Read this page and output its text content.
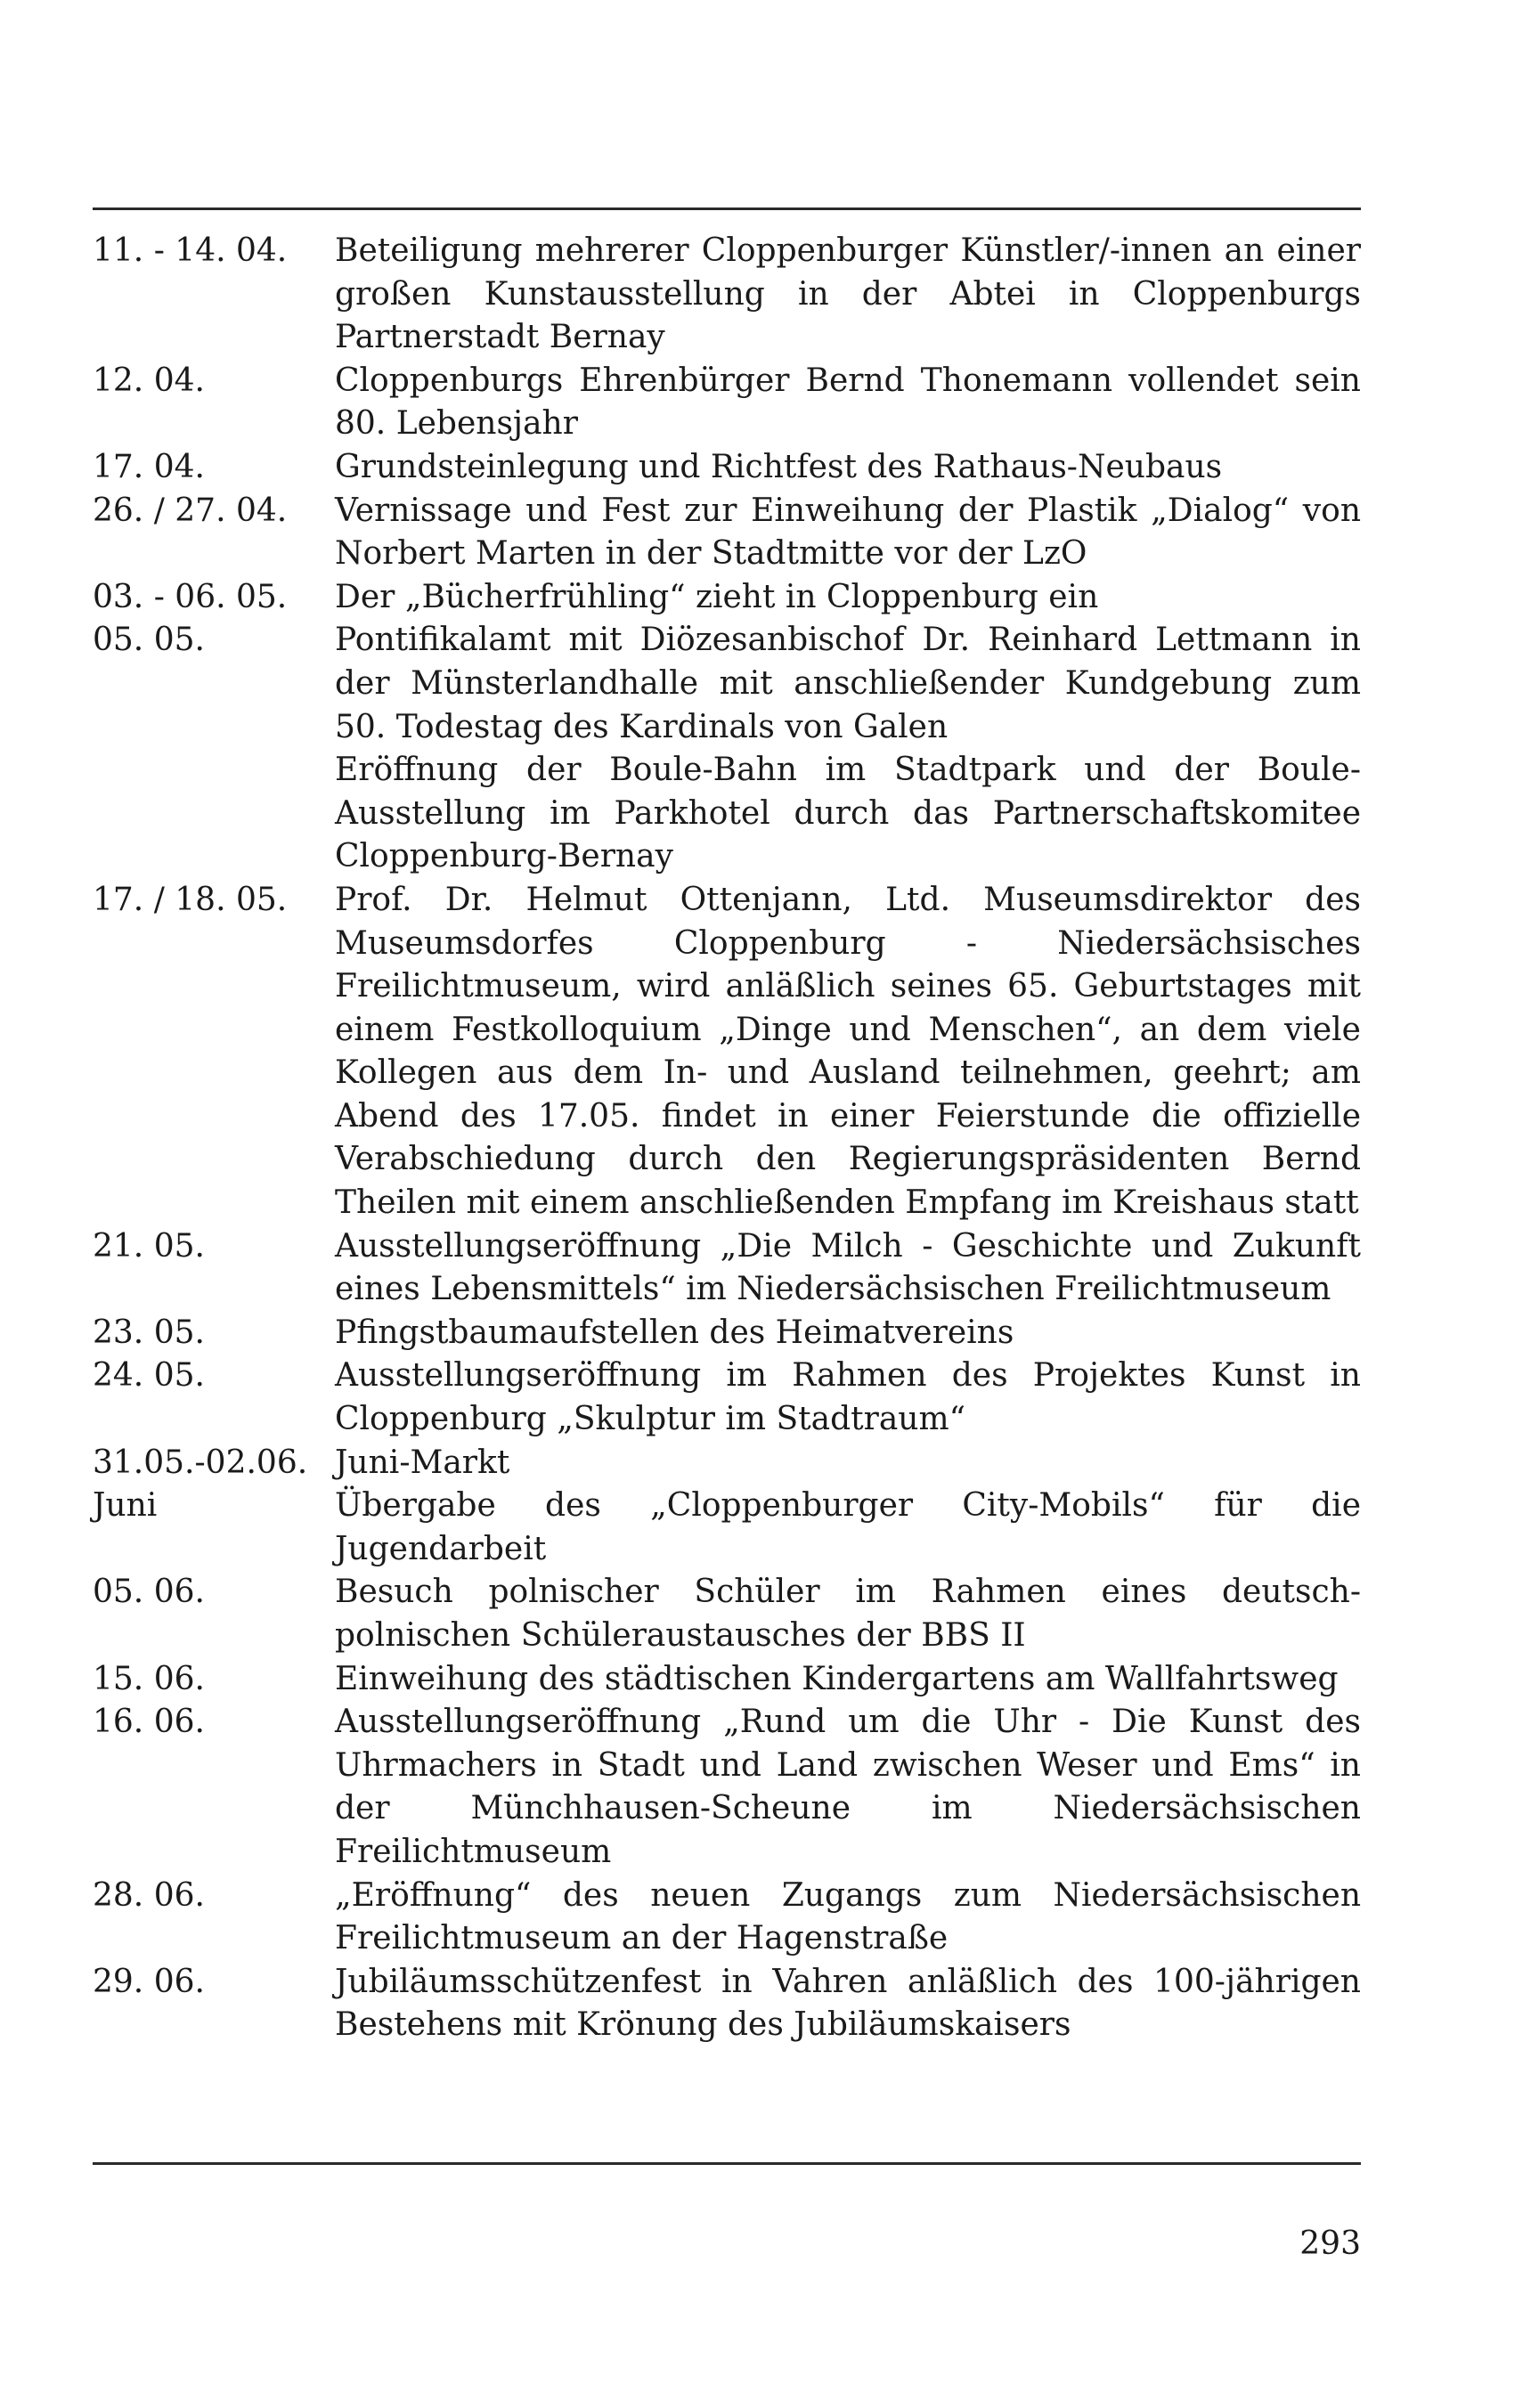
11. - 14. 04.	Beteiligung mehrerer Cloppenburger Künstler/-innen an einer großen Kunstausstellung in der Abtei in Cloppenburgs Partnerstadt Bernay
12. 04.	Cloppenburgs Ehrenbürger Bernd Thonemann vollendet sein 80. Lebensjahr
17. 04.	Grundsteinlegung und Richtfest des Rathaus-Neubaus
26. / 27. 04.	Vernissage und Fest zur Einweihung der Plastik „Dialog“ von Norbert Marten in der Stadtmitte vor der LzO
03. - 06. 05.	Der „Bücherfrühling“ zieht in Cloppenburg ein
05. 05.	Pontifikalamt mit Diözesanbischof Dr. Reinhard Lettmann in der Münsterlandhalle mit anschließender Kundgebung zum 50. Todestag des Kardinals von Galen
Eröffnung der Boule-Bahn im Stadtpark und der Boule-Ausstellung im Parkhotel durch das Partnerschaftskomitee Cloppenburg-Bernay
17. / 18. 05.	Prof. Dr. Helmut Ottenjann, Ltd. Museumsdirektor des Museumsdorfes Cloppenburg - Niedersächsisches Freilichtmuseum, wird anläßlich seines 65. Geburtstages mit einem Festkolloquium „Dinge und Menschen“, an dem viele Kollegen aus dem In- und Ausland teilnehmen, geehrt; am Abend des 17.05. findet in einer Feierstunde die offizielle Verabschiedung durch den Regierungspräsidenten Bernd Theilen mit einem anschließenden Empfang im Kreishaus statt
21. 05.	Ausstellungseröffnung „Die Milch - Geschichte und Zukunft eines Lebensmittels“ im Niedersächsischen Freilichtmuseum
23. 05.	Pfingstbaumaufstellen des Heimatvereins
24. 05.	Ausstellungseröffnung im Rahmen des Projektes Kunst in Cloppenburg „Skulptur im Stadtraum“
31.05.-02.06. Juni-Markt
Juni	Übergabe des „Cloppenburger City-Mobils“ für die Jugendarbeit
05. 06.	Besuch polnischer Schüler im Rahmen eines deutsch-polnischen Schüleraustausches der BBS II
15. 06.	Einweihung des städtischen Kindergartens am Wallfahrtsweg
16. 06.	Ausstellungseröffnung „Rund um die Uhr - Die Kunst des Uhrmachers in Stadt und Land zwischen Weser und Ems“ in der Münchhausen-Scheune im Niedersächsischen Freilichtmuseum
28. 06.	„Eröffnung“ des neuen Zugangs zum Niedersächsischen Freilichtmuseum an der Hagenstraße
29. 06.	Jubiläumsschützenfest in Vahren anläßlich des 100-jährigen Bestehens mit Krönung des Jubiläumskaisers
293
